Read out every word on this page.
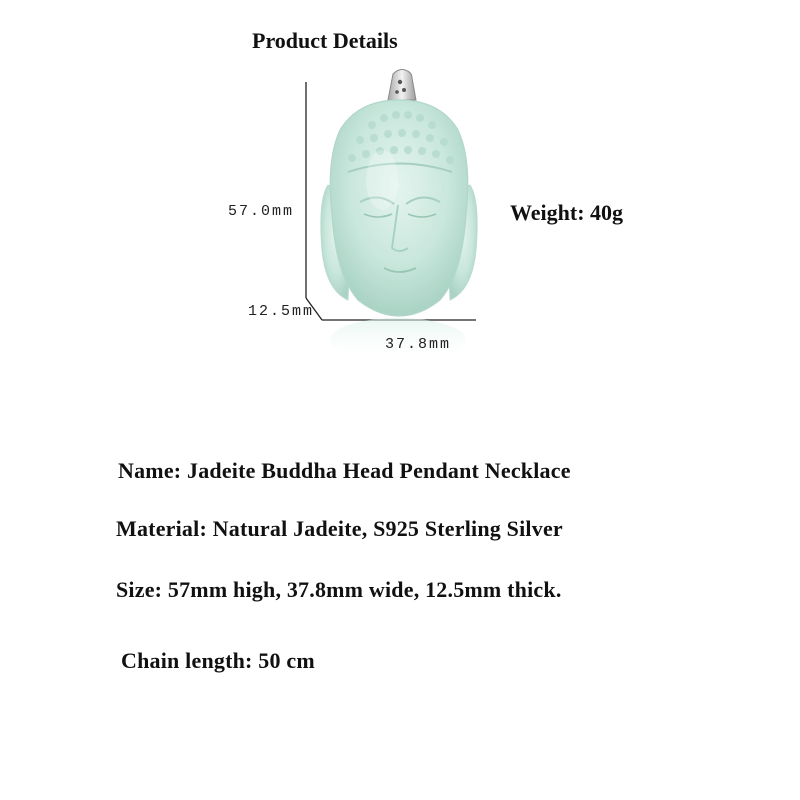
Product Details
57.0mm
12.5mm
37.8mm
Weight: 40g
Name: Jadeite Buddha Head Pendant Necklace
Material: Natural Jadeite, S925 Sterling Silver
Size: 57mm high, 37.8mm wide, 12.5mm thick.
Chain length: 50 cm
